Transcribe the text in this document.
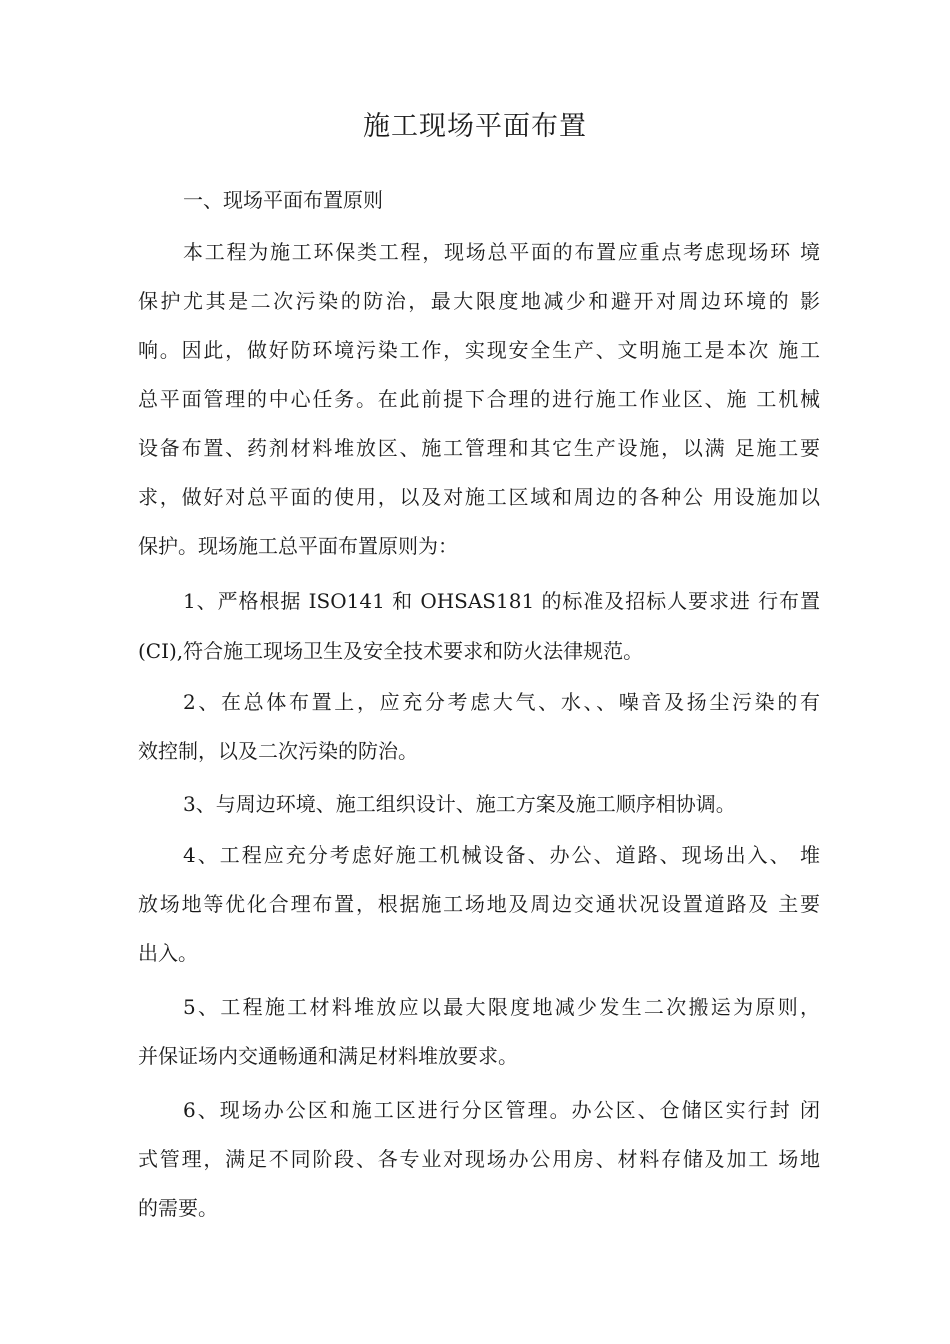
施工现场平面布置
一、现场平面布置原则
本工程为施工环保类工程，现场总平面的布置应重点考虑现场环 境
保护尤其是二次污染的防治，最大限度地减少和避开对周边环境的 影
响。因此，做好防环境污染工作，实现安全生产、文明施工是本次 施工
总平面管理的中心任务。在此前提下合理的进行施工作业区、施 工机械
设备布置、药剂材料堆放区、施工管理和其它生产设施，以满 足施工要
求，做好对总平面的使用，以及对施工区域和周边的各种公 用设施加以
保护。现场施工总平面布置原则为：
1、严格根据 ISO141 和 OHSAS181 的标准及招标人要求进 行布置
(CI),符合施工现场卫生及安全技术要求和防火法律规范。
2、在总体布置上，应充分考虑大气、水、、噪音及扬尘污染的有
效控制，以及二次污染的防治。
3、与周边环境、施工组织设计、施工方案及施工顺序相协调。
4、工程应充分考虑好施工机械设备、办公、道路、现场出入、 堆
放场地等优化合理布置，根据施工场地及周边交通状况设置道路及 主要
出入。
5、工程施工材料堆放应以最大限度地减少发生二次搬运为原则，
并保证场内交通畅通和满足材料堆放要求。
6、现场办公区和施工区进行分区管理。办公区、仓储区实行封 闭
式管理，满足不同阶段、各专业对现场办公用房、材料存储及加工 场地
的需要。
